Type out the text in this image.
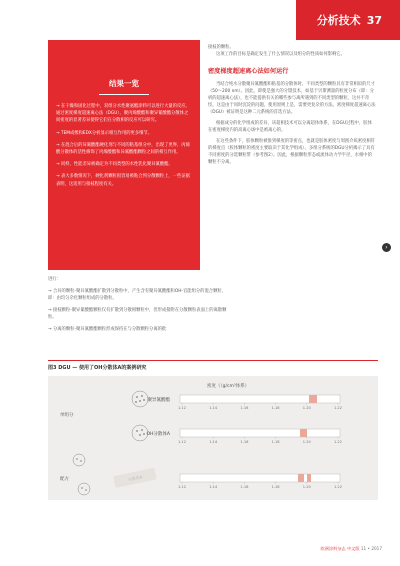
分析技术 37
结果一览
→ 在干燥和固化过程中，双组分水性聚氨酯涂料可以进行大量的反应。通过密度梯度超速离心法（DGU），聚丙烯酸酯和聚异氰酸酯分散体之间密度的显著差异使得它们在分散相的反应可以研究。
→ TEM成像和EDX分析显示相互作用的更多细节。
→ 在混合后的异氰酸酯硬化剂与不同的粘基组分中，出现了更界，丙烯酸分散体的活性修饰了丙烯酸酯和异氰酸酯颗粒之间的相互作用。
→ 同样，性能差异被确定为不同类型的水性乳化聚异氰酸酯。
→ 表大多数情况下，硬化剂颗粒很容易被粘合到分散颗粒上，一些证据表明，这适用与接枝程度有关。
接枝的颗粒。
这项工作的目标是确定发生了什么情况以及组分的性质如何影响它。
密度梯度超速离心法如何运行
当结合纯水分散聚异氰酸酯和粘基的分散体时，不同类型的颗粒具有非常相似的尺寸（50～200 nm）。因此，即使是强大的分馏技术，如基于贝斯测量的粒度分布（即：分析的超速离心法），也不能提供有关的哪些参与离所遇到的不同类型的颗粒，这并不奇怪。这是由于同时沉淀的问题，使用原则上是，需要更复杂的方法。密度梯度超速离心法（DGU）被证明是这种二元系统的首选方法。
根据成分的化学组成的差异，该超相技术可以分离超体体系，在DGU过程中，胶体在密度梯度内的高离心场中是被离心的。
在这些条件下，胶体颗粒被推到梯度的等密点，也就是胶体密度与周围介质密度相符的梯度点（胶体颗粒的密度主要取决于其化学组成）。多组分系统的DGU分析揭示了具有不同密度的分选颗粒带（参考图2）。因此，根据颗粒形态或流体动力学半径，水相中的颗粒不分离。
›
进行：
→ 合异的颗粒-聚异氰酸酯扩散到分散粒中，产生含有聚异氰酸酯和OH-官能组分的混合颗粒，即：由均匀杂化颗粒组成的分散粒。
→ 接枝颗粒-聚异氰酸酯颗粒仅有扩散到分散相颗粒中，但形成接附在分散颗粒表面上的离散颗粒。
→ 分离的颗粒-聚异氰酸酯颗粒形成保持在与分散颗粒分离的批
图3 DGU — 使用了OH分散体A的案例研究
密度（（g/cm³体系）
聚异氰酸酯
OH分散体A
单组分
配方	分散体A
1.12	1.14	1.16	1.18	1.20	1.22
1.12	1.14	1.16	1.18	1.20	1.22
1.12	1.14	1.16	1.18	1.20	1.22
欧洲涂料杂志 中文版 11 • 2017
